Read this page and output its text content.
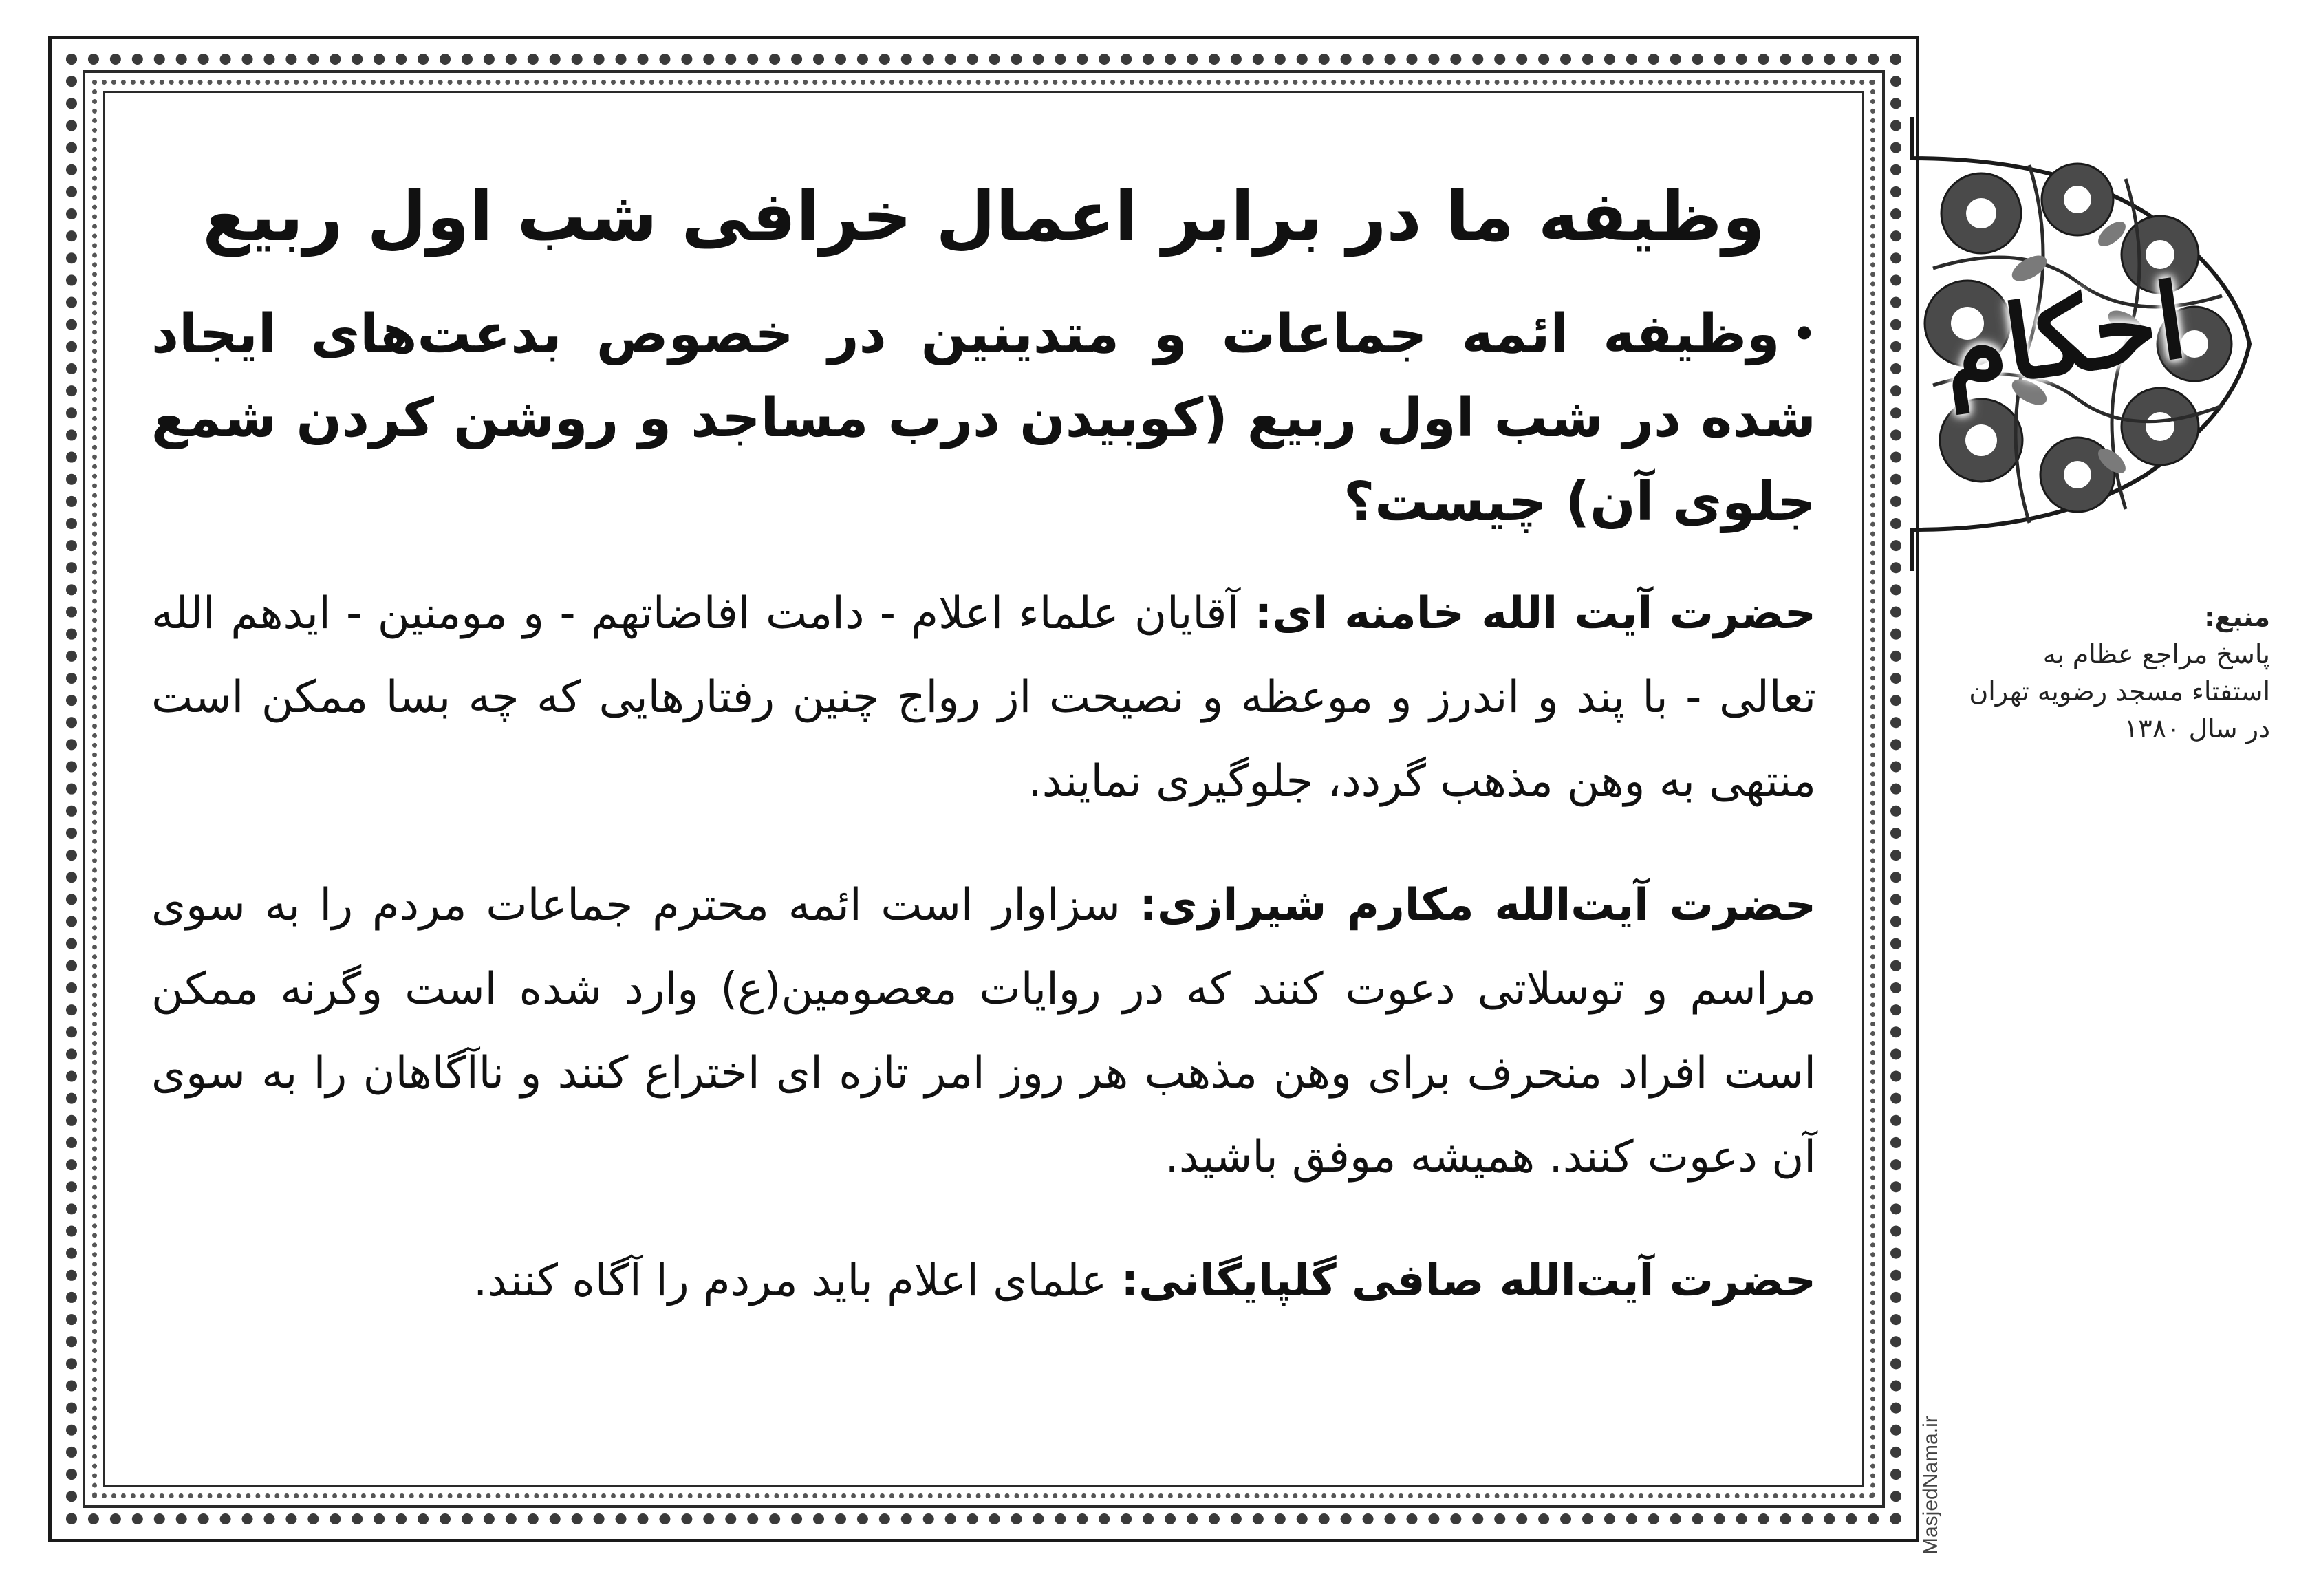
وظیفه ما در برابر اعمال خرافی شب اول ربیع

•وظیفه ائمه جماعات و متدینین در خصوص بدعت‌های ایجاد شده در شب اول ربیع (کوبیدن درب مساجد و روشن کردن شمع جلوی آن) چیست؟

حضرت آیت الله خامنه ای: آقایان علماء اعلام - دامت افاضاتهم - و مومنین - ایدهم الله تعالی - با پند و اندرز و موعظه و نصیحت از رواج چنین رفتارهایی که چه بسا ممکن است منتهی به وهن مذهب گردد، جلوگیری نمایند.

حضرت آیت‌الله مکارم شیرازی: سزاوار است ائمه محترم جماعات مردم را به سوی مراسم و توسلاتی دعوت کنند که در روایات معصومین(ع) وارد شده است وگرنه ممکن است افراد منحرف برای وهن مذهب هر روز امر تازه ای اختراع کنند و ناآگاهان را به سوی آن دعوت کنند. همیشه موفق باشید.

حضرت آیت‌الله صافی گلپایگانی: علمای اعلام باید مردم را آگاه کنند.

احکام
منبع:
پاسخ مراجع عظام به
استفتاء مسجد رضویه تهران
در سال ۱۳۸۰
MasjedNama.ir
